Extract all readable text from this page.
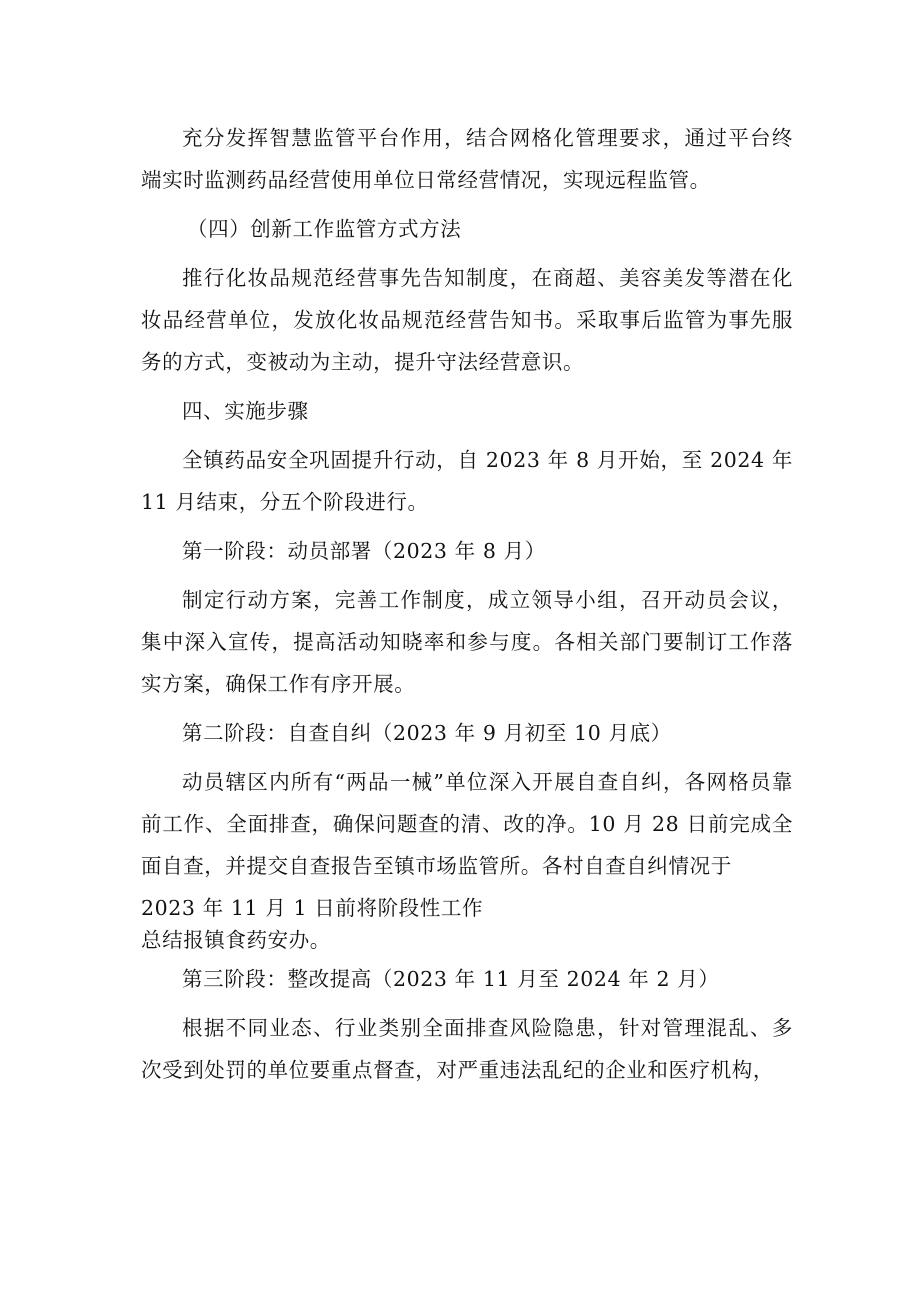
充分发挥智慧监管平台作用，结合网格化管理要求，通过平台终端实时监测药品经营使用单位日常经营情况，实现远程监管。

（四）创新工作监管方式方法

推行化妆品规范经营事先告知制度，在商超、美容美发等潜在化妆品经营单位，发放化妆品规范经营告知书。采取事后监管为事先服务的方式，变被动为主动，提升守法经营意识。

四、实施步骤

全镇药品安全巩固提升行动，自 2023 年 8 月开始，至 2024 年 11 月结束，分五个阶段进行。

第一阶段：动员部署（2023 年 8 月）

制定行动方案，完善工作制度，成立领导小组，召开动员会议，集中深入宣传，提高活动知晓率和参与度。各相关部门要制订工作落实方案，确保工作有序开展。

第二阶段：自查自纠（2023 年 9 月初至 10 月底）

动员辖区内所有“两品一械”单位深入开展自查自纠，各网格员靠前工作、全面排查，确保问题查的清、改的净。10 月 28 日前完成全面自查，并提交自查报告至镇市场监管所。各村自查自纠情况于

2023 年 11 月 1 日前将阶段性工作
总结报镇食药安办。

第三阶段：整改提高（2023 年 11 月至 2024 年 2 月）

根据不同业态、行业类别全面排查风险隐患，针对管理混乱、多次受到处罚的单位要重点督查，对严重违法乱纪的企业和医疗机构，
